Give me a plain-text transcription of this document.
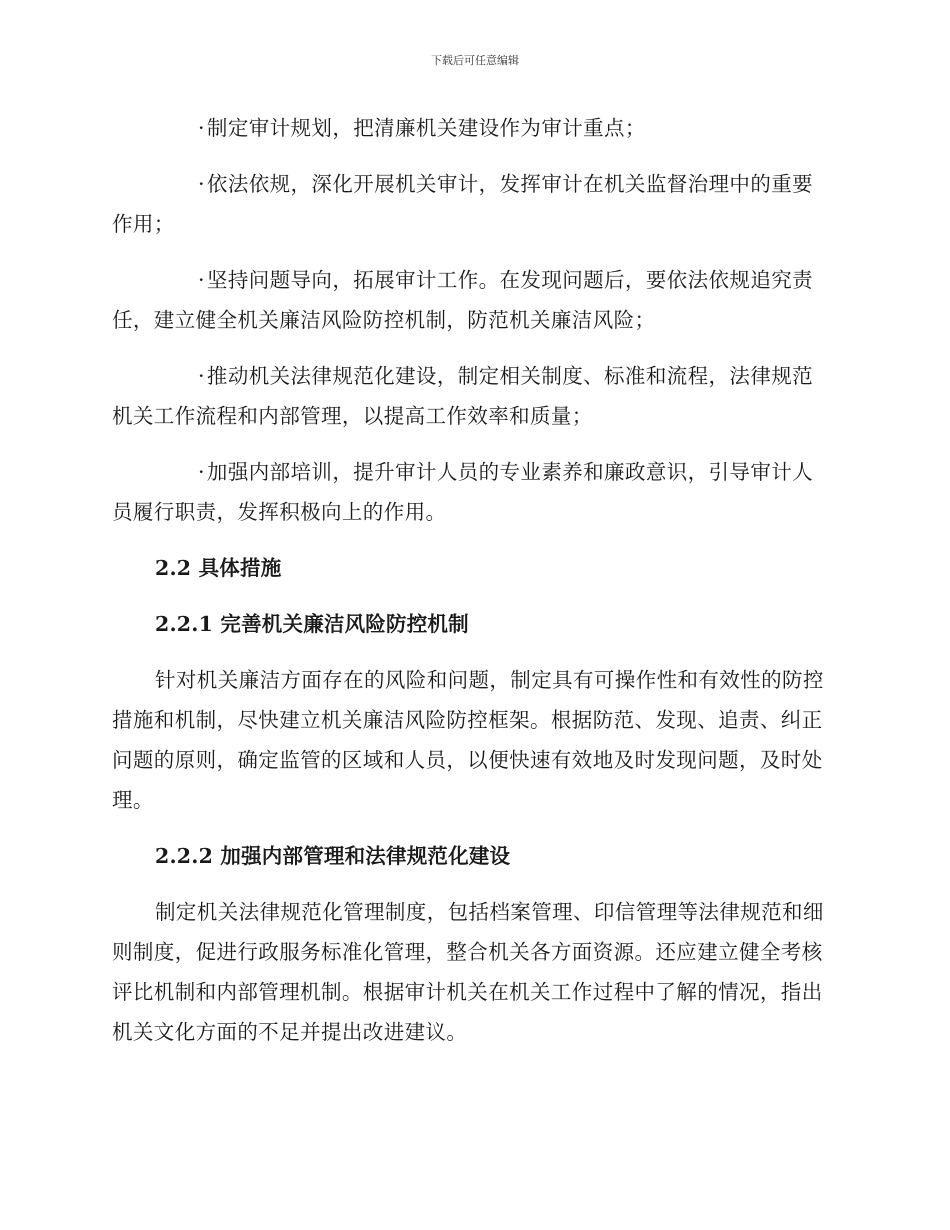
下载后可任意编辑

·制定审计规划，把清廉机关建设作为审计重点；

·依法依规，深化开展机关审计，发挥审计在机关监督治理中的重要作用；

·坚持问题导向，拓展审计工作。在发现问题后，要依法依规追究责任，建立健全机关廉洁风险防控机制，防范机关廉洁风险；

·推动机关法律规范化建设，制定相关制度、标准和流程，法律规范机关工作流程和内部管理，以提高工作效率和质量；

·加强内部培训，提升审计人员的专业素养和廉政意识，引导审计人员履行职责，发挥积极向上的作用。

2.2 具体措施

2.2.1 完善机关廉洁风险防控机制

针对机关廉洁方面存在的风险和问题，制定具有可操作性和有效性的防控措施和机制，尽快建立机关廉洁风险防控框架。根据防范、发现、追责、纠正问题的原则，确定监管的区域和人员，以便快速有效地及时发现问题，及时处理。

2.2.2 加强内部管理和法律规范化建设

制定机关法律规范化管理制度，包括档案管理、印信管理等法律规范和细则制度，促进行政服务标准化管理，整合机关各方面资源。还应建立健全考核评比机制和内部管理机制。根据审计机关在机关工作过程中了解的情况，指出机关文化方面的不足并提出改进建议。
